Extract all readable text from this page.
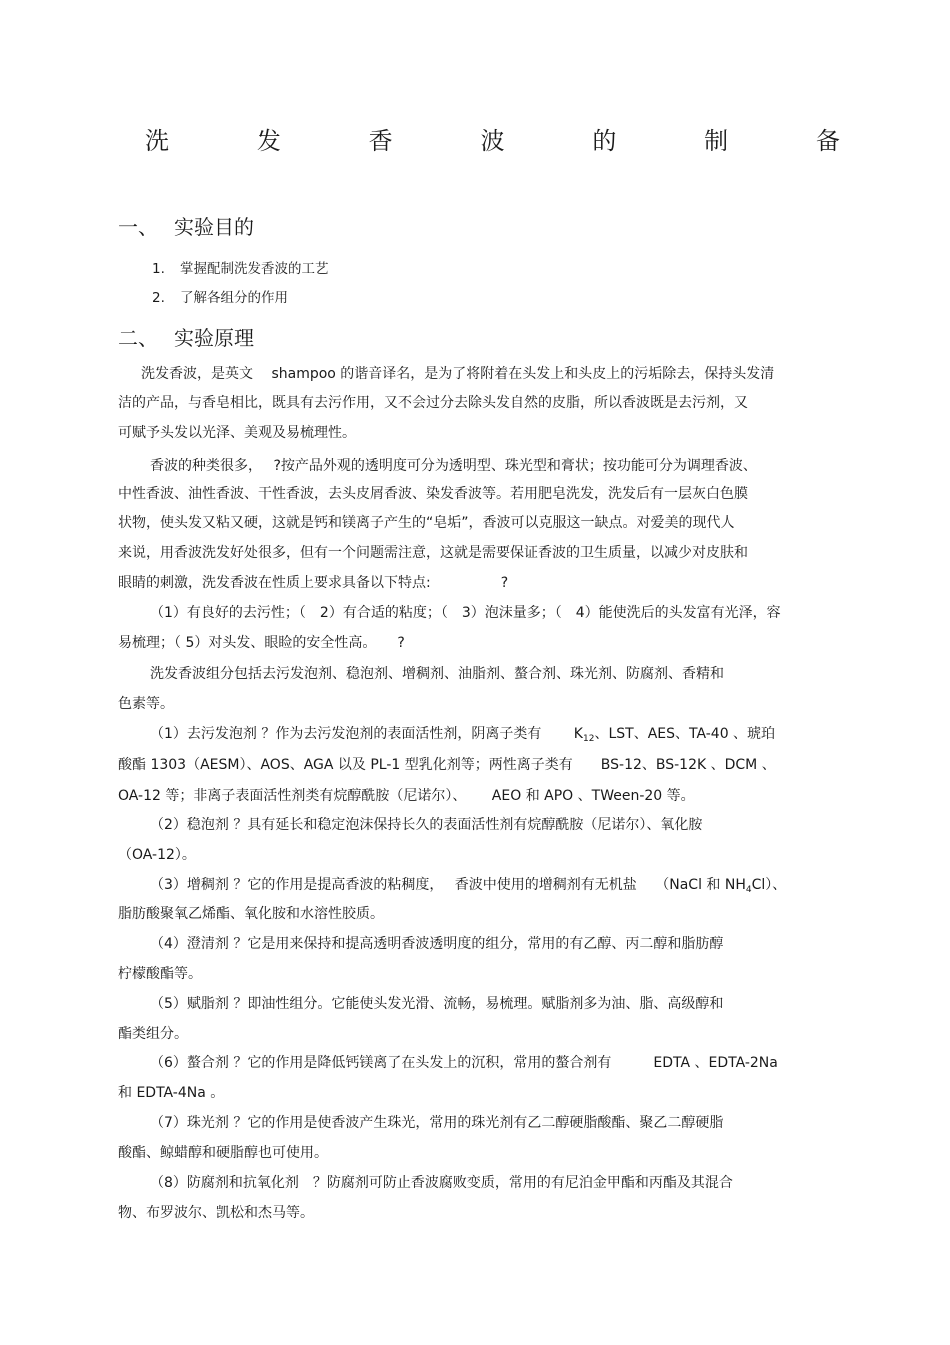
洗	发	香	波	的	制	备
一、 实验目的
1. 掌握配制洗发香波的工艺
2. 了解各组分的作用
二、 实验原理
洗发香波，是英文　 shampoo 的谐音译名，是为了将附着在头发上和头皮上的污垢除去，保持头发清
洁的产品，与香皂相比，既具有去污作用，又不会过分去除头发自然的皮脂，所以香波既是去污剂，又
可赋予头发以光泽、美观及易梳理性。
香波的种类很多，　 ?按产品外观的透明度可分为透明型、珠光型和膏状；按功能可分为调理香波、
中性香波、油性香波、干性香波，去头皮屑香波、染发香波等。若用肥皂洗发，洗发后有一层灰白色膜
状物，使头发又粘又硬，这就是钙和镁离子产生的“皂垢”，香波可以克服这一缺点。对爱美的现代人
来说，用香波洗发好处很多，但有一个问题需注意，这就是需要保证香波的卫生质量，以减少对皮肤和
眼睛的刺激，洗发香波在性质上要求具备以下特点:　　　　　?
（1）有良好的去污性；（　2）有合适的粘度；（　3）泡沫量多；（　4）能使洗后的头发富有光泽，容
易梳理；（ 5）对头发、眼睑的安全性高。　　?
洗发香波组分包括去污发泡剂、稳泡剂、增稠剂、油脂剂、螯合剂、珠光剂、防腐剂、香精和
色素等。
（1）去污发泡剂 ？作为去污发泡剂的表面活性剂，阴离子类有　　 $K_{12}$、LST、AES、TA-40 、琥珀
酸酯 1303（AESM）、AOS、AGA 以及 PL-1 型乳化剂等；两性离子类有　　BS-12、BS-12K 、DCM 、
OA-12 等；非离子表面活性剂类有烷醇酰胺（尼诺尔）、　　 AEO 和 APO 、TWeen-20 等。
（2）稳泡剂 ？具有延长和稳定泡沫保持长久的表面活性剂有烷醇酰胺（尼诺尔）、氧化胺
（OA-12）。
（3）增稠剂 ？它的作用是提高香波的粘稠度，　 香波中使用的增稠剂有无机盐　 （NaCl 和 $NH_4Cl$）、
脂肪酸聚氧乙烯酯、氧化胺和水溶性胶质。
（4）澄清剂 ？它是用来保持和提高透明香波透明度的组分，常用的有乙醇、丙二醇和脂肪醇
柠檬酸酯等。
（5）赋脂剂 ？即油性组分。它能使头发光滑、流畅，易梳理。赋脂剂多为油、脂、高级醇和
酯类组分。
（6）螯合剂 ？它的作用是降低钙镁离了在头发上的沉积，常用的螯合剂有　　　EDTA 、EDTA-2Na
和 EDTA-4Na 。
（7）珠光剂 ？它的作用是使香波产生珠光，常用的珠光剂有乙二醇硬脂酸酯、聚乙二醇硬脂
酸酯、鲸蜡醇和硬脂醇也可使用。
（8）防腐剂和抗氧化剂　？防腐剂可防止香波腐败变质，常用的有尼泊金甲酯和丙酯及其混合
物、布罗波尔、凯松和杰马等。
